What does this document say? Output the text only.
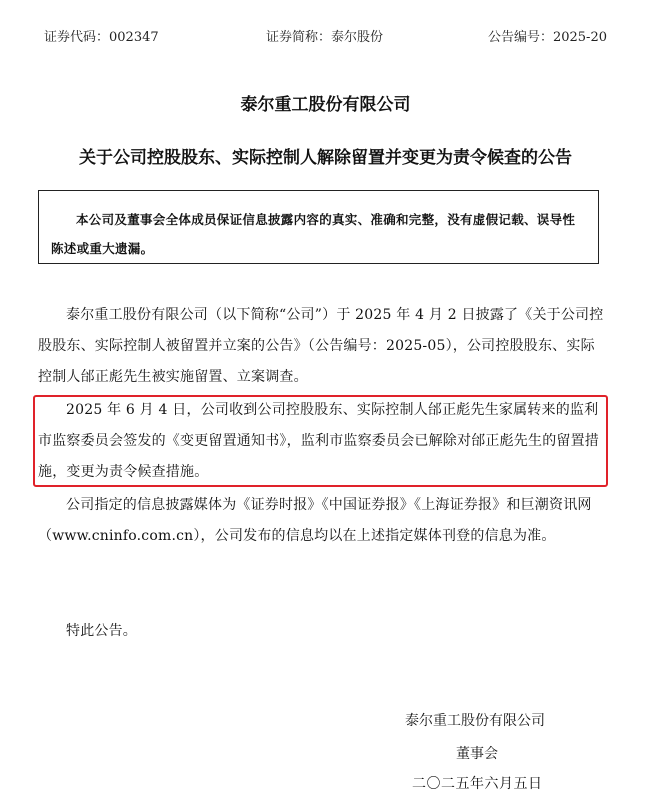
证券代码：002347	证券简称：泰尔股份	公告编号：2025-20
泰尔重工股份有限公司
关于公司控股股东、实际控制人解除留置并变更为责令候查的公告
本公司及董事会全体成员保证信息披露内容的真实、准确和完整，没有虚假记载、误导性陈述或重大遗漏。
泰尔重工股份有限公司（以下简称“公司”）于 2025 年 4 月 2 日披露了《关于公司控股股东、实际控制人被留置并立案的公告》（公告编号：2025-05），公司控股股东、实际控制人邰正彪先生被实施留置、立案调查。
2025 年 6 月 4 日，公司收到公司控股股东、实际控制人邰正彪先生家属转来的监利市监察委员会签发的《变更留置通知书》，监利市监察委员会已解除对邰正彪先生的留置措施，变更为责令候查措施。
公司指定的信息披露媒体为《证券时报》《中国证券报》《上海证券报》和巨潮资讯网（www.cninfo.com.cn），公司发布的信息均以在上述指定媒体刊登的信息为准。
特此公告。
泰尔重工股份有限公司
董事会
二〇二五年六月五日
